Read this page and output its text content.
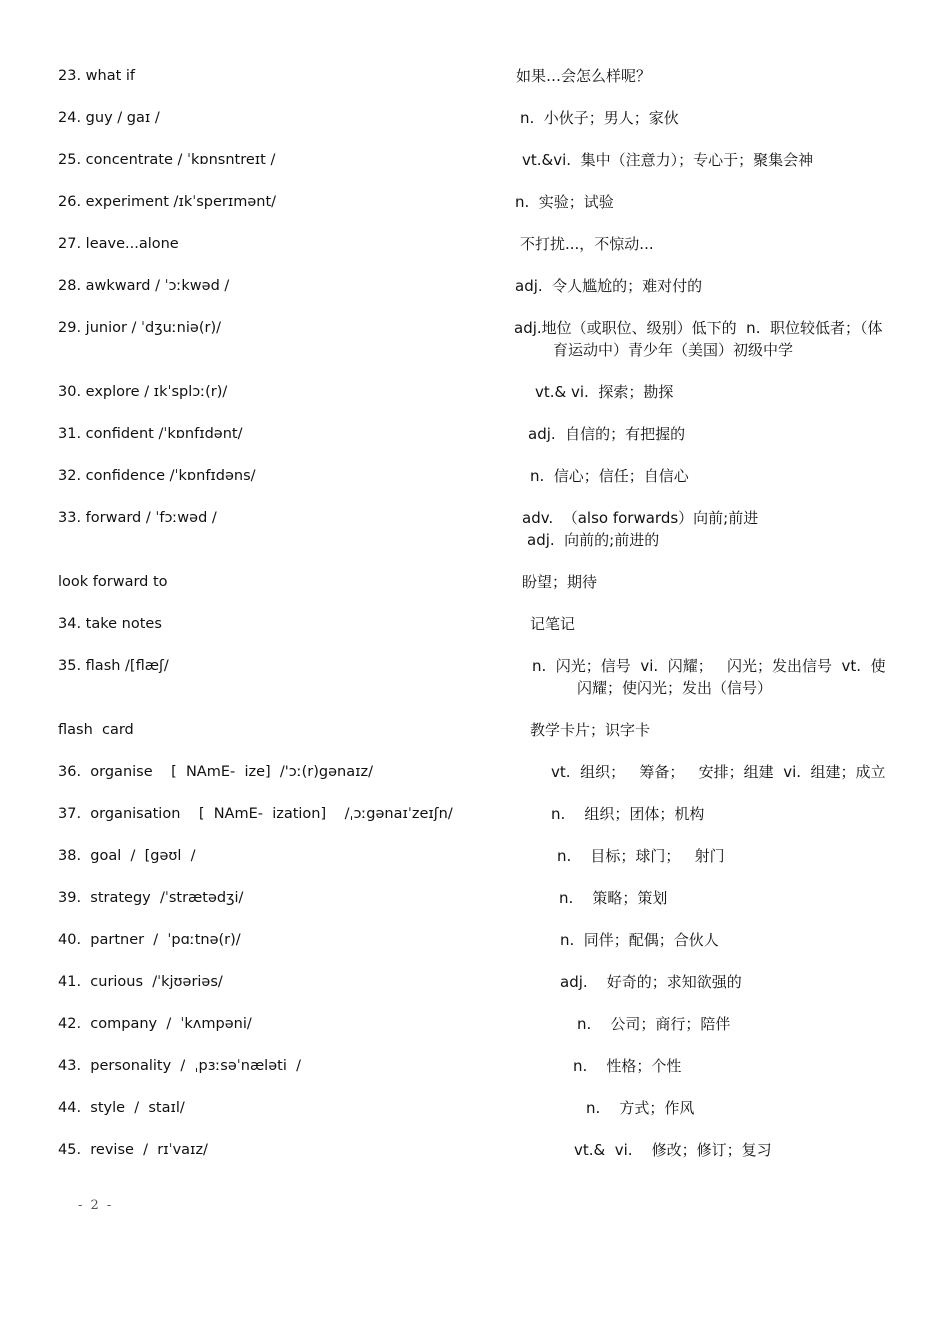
23. what if	如果…会怎么样呢？
24. guy / gaɪ /	n.  小伙子；男人；家伙
25. concentrate / ˈkɒnsntreɪt /	vt.&vi.  集中（注意力）；专心于；聚集会神
26. experiment /ɪkˈsperɪmənt/	n.  实验；试验
27. leave...alone	不打扰...，不惊动...
28. awkward / ˈɔːkwəd /	adj.  令人尴尬的；难对付的
29. junior / ˈdʒuːniə(r)/	adj.地位（或职位、级别）低下的  n.  职位较低者；（体
育运动中）青少年（美国）初级中学
30. explore / ɪkˈsplɔː(r)/	vt.& vi.  探索；勘探
31. confident /ˈkɒnfɪdənt/	adj.  自信的；有把握的
32. confidence /ˈkɒnfɪdəns/	n.  信心；信任；自信心
33. forward / ˈfɔːwəd /	adv.  （also forwards）向前;前进
adj.  向前的;前进的
look forward to	盼望；期待
34. take notes	记笔记
35. flash /[flæʃ/	n.  闪光；信号  vi.  闪耀；   闪光；发出信号  vt.  使
闪耀；使闪光；发出（信号）
flash  card	教学卡片；识字卡
36.  organise    [  NAmE-  ize]  /'ɔː(r)gənaɪz/	vt.  组织；   筹备；   安排；组建  vi.  组建；成立
37.  organisation    [  NAmE-  ization]    /ˌɔːgənaɪˈzeɪʃn/	n.    组织；团体；机构
38.  goal  /  [gəʊl  /	n.    目标；球门；   射门
39.  strategy  /ˈstrætədʒi/	n.    策略；策划
40.  partner  /  ˈpɑːtnə(r)/	n.  同伴；配偶；合伙人
41.  curious  /ˈkjʊəriəs/	adj.    好奇的；求知欲强的
42.  company  /  ˈkʌmpəni/	n.    公司；商行；陪伴
43.  personality  /  ˌpɜːsəˈnæləti  /	n.    性格；个性
44.  style  /  staɪl/	n.    方式；作风
45.  revise  /  rɪˈvaɪz/	vt.&  vi.    修改；修订；复习
- 2 -
